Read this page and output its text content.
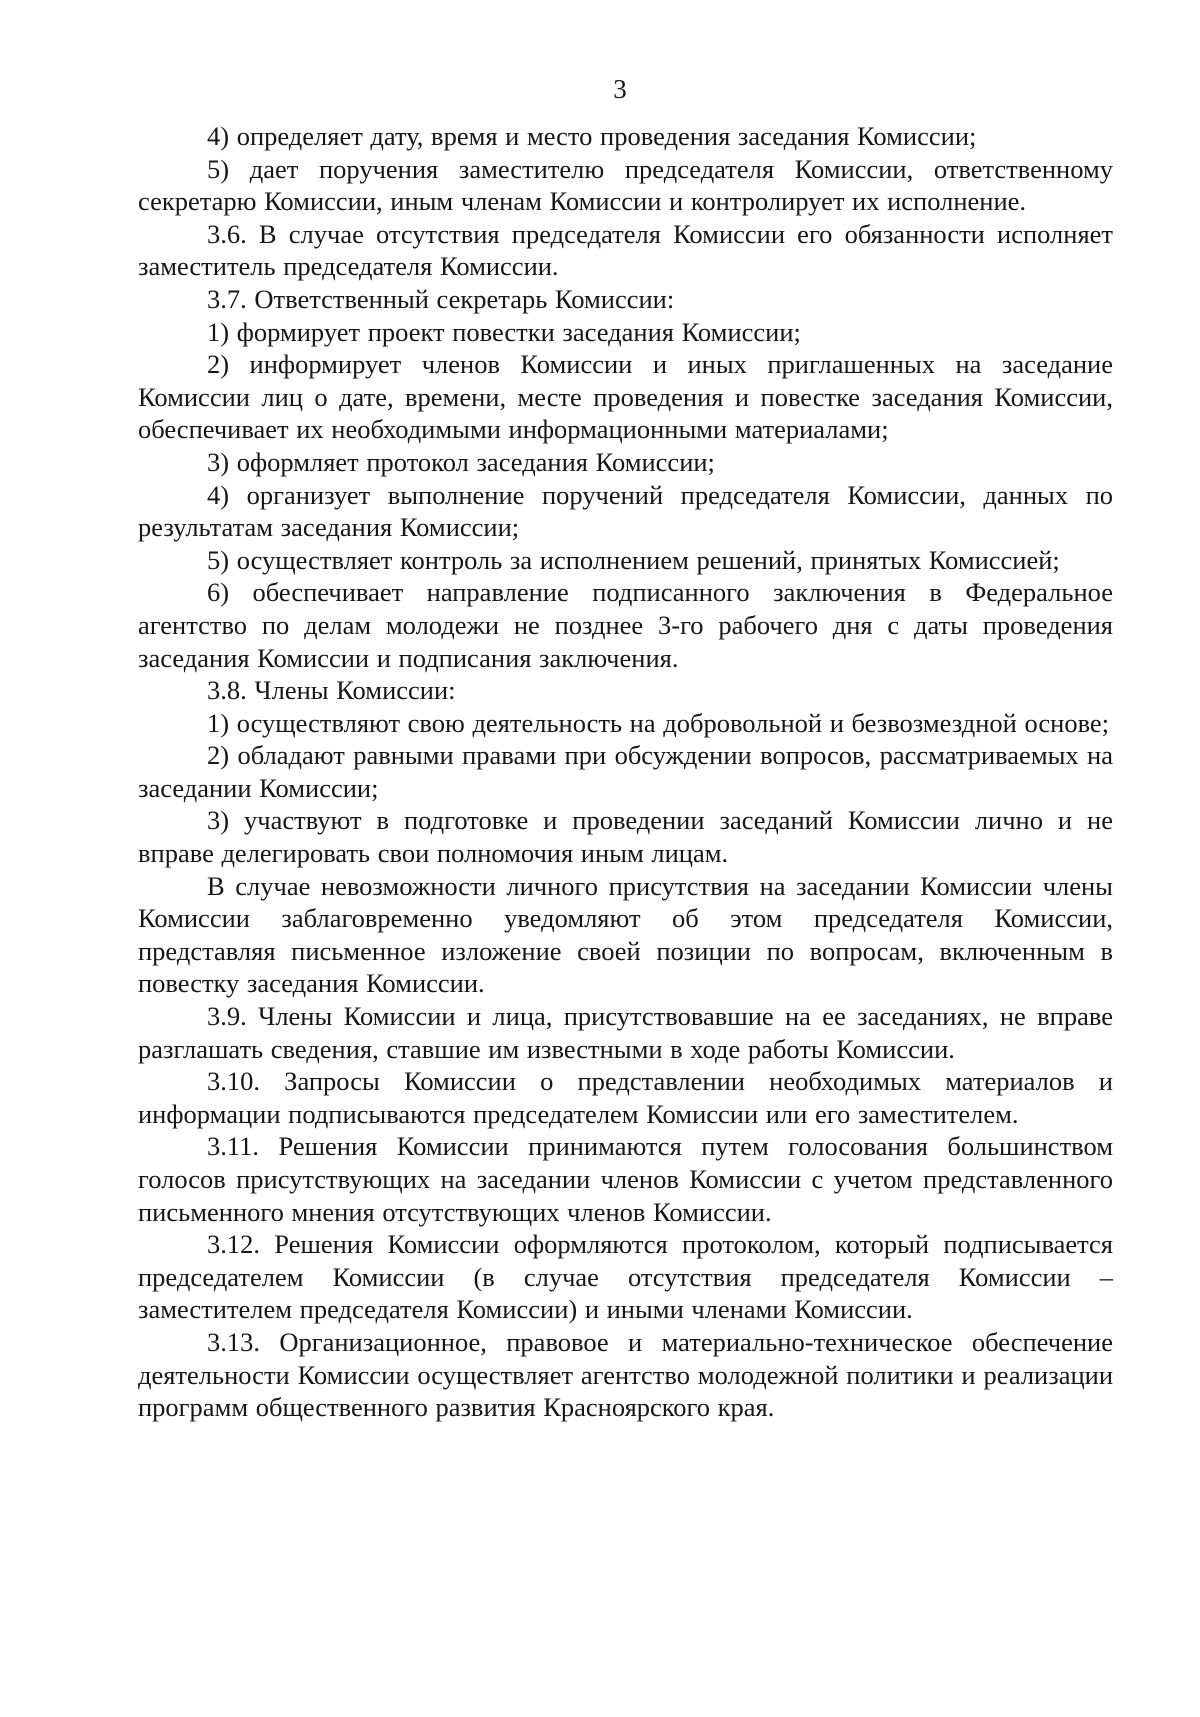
3

4) определяет дату, время и место проведения заседания Комиссии;

5) дает поручения заместителю председателя Комиссии, ответственному секретарю Комиссии, иным членам Комиссии и контролирует их исполнение.

3.6. В случае отсутствия председателя Комиссии его обязанности исполняет заместитель председателя Комиссии.

3.7. Ответственный секретарь Комиссии:

1) формирует проект повестки заседания Комиссии;

2) информирует членов Комиссии и иных приглашенных на заседание Комиссии лиц о дате, времени, месте проведения и повестке заседания Комиссии, обеспечивает их необходимыми информационными материалами;

3) оформляет протокол заседания Комиссии;

4) организует выполнение поручений председателя Комиссии, данных по результатам заседания Комиссии;

5) осуществляет контроль за исполнением решений, принятых Комиссией;

6) обеспечивает направление подписанного заключения в Федеральное агентство по делам молодежи не позднее 3-го рабочего дня с даты проведения заседания Комиссии и подписания заключения.

3.8. Члены Комиссии:

1) осуществляют свою деятельность на добровольной и безвозмездной основе;

2) обладают равными правами при обсуждении вопросов, рассматриваемых на заседании Комиссии;

3) участвуют в подготовке и проведении заседаний Комиссии лично и не вправе делегировать свои полномочия иным лицам.

В случае невозможности личного присутствия на заседании Комиссии члены Комиссии заблаговременно уведомляют об этом председателя Комиссии, представляя письменное изложение своей позиции по вопросам, включенным в повестку заседания Комиссии.

3.9. Члены Комиссии и лица, присутствовавшие на ее заседаниях, не вправе разглашать сведения, ставшие им известными в ходе работы Комиссии.

3.10. Запросы Комиссии о представлении необходимых материалов и информации подписываются председателем Комиссии или его заместителем.

3.11. Решения Комиссии принимаются путем голосования большинством голосов присутствующих на заседании членов Комиссии с учетом представленного письменного мнения отсутствующих членов Комиссии.

3.12. Решения Комиссии оформляются протоколом, который подписывается председателем Комиссии (в случае отсутствия председателя Комиссии – заместителем председателя Комиссии) и иными членами Комиссии.

3.13. Организационное, правовое и материально-техническое обеспечение деятельности Комиссии осуществляет агентство молодежной политики и реализации программ общественного развития Красноярского края.
